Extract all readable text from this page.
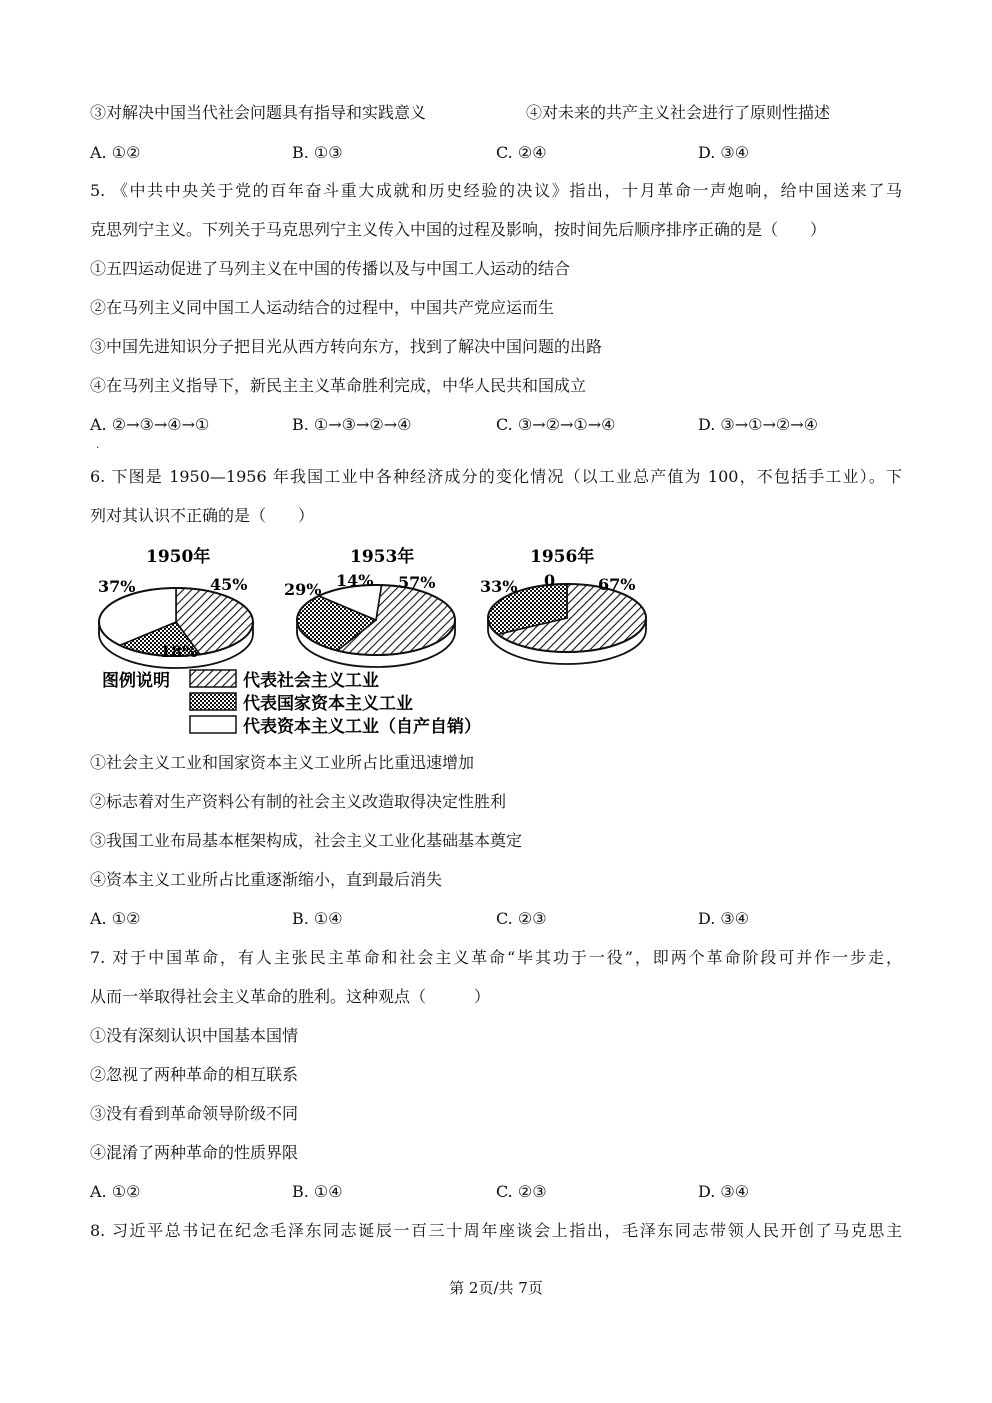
③对解决中国当代社会问题具有指导和实践意义	④对未来的共产主义社会进行了原则性描述
A. ①②	B. ①③	C. ②④	D. ③④
5. 《中共中央关于党的百年奋斗重大成就和历史经验的决议》指出，十月革命一声炮响，给中国送来了马
克思列宁主义。下列关于马克思列宁主义传入中国的过程及影响，按时间先后顺序排序正确的是（　　）
①五四运动促进了马列主义在中国的传播以及与中国工人运动的结合
②在马列主义同中国工人运动结合的过程中，中国共产党应运而生
③中国先进知识分子把目光从西方转向东方，找到了解决中国问题的出路
④在马列主义指导下，新民主主义革命胜利完成，中华人民共和国成立
A. ②→③→④→①
.
B. ①→③→②→④	C. ③→②→①→④	D. ③→①→②→④
6. 下图是 1950—1956 年我国工业中各种经济成分的变化情况（以工业总产值为 100，不包括手工业）。下
列对其认识不正确的是（　　）
1950年
37%	45%
18%
1953年
29% 14% 57%
1956年
33% 0	67%
图例说明	代表社会主义工业
代表国家资本主义工业
代表资本主义工业（自产自销）
①社会主义工业和国家资本主义工业所占比重迅速增加
②标志着对生产资料公有制的社会主义改造取得决定性胜利
③我国工业布局基本框架构成，社会主义工业化基础基本奠定
④资本主义工业所占比重逐渐缩小，直到最后消失
A. ①②	B. ①④	C. ②③	D. ③④
7. 对于中国革命，有人主张民主革命和社会主义革命“毕其功于一役”，即两个革命阶段可并作一步走，
从而一举取得社会主义革命的胜利。这种观点（　　　）
①没有深刻认识中国基本国情
②忽视了两种革命的相互联系
③没有看到革命领导阶级不同
④混淆了两种革命的性质界限
A. ①②	B. ①④	C. ②③	D. ③④
8. 习近平总书记在纪念毛泽东同志诞辰一百三十周年座谈会上指出，毛泽东同志带领人民开创了马克思主
第 2页/共 7页
